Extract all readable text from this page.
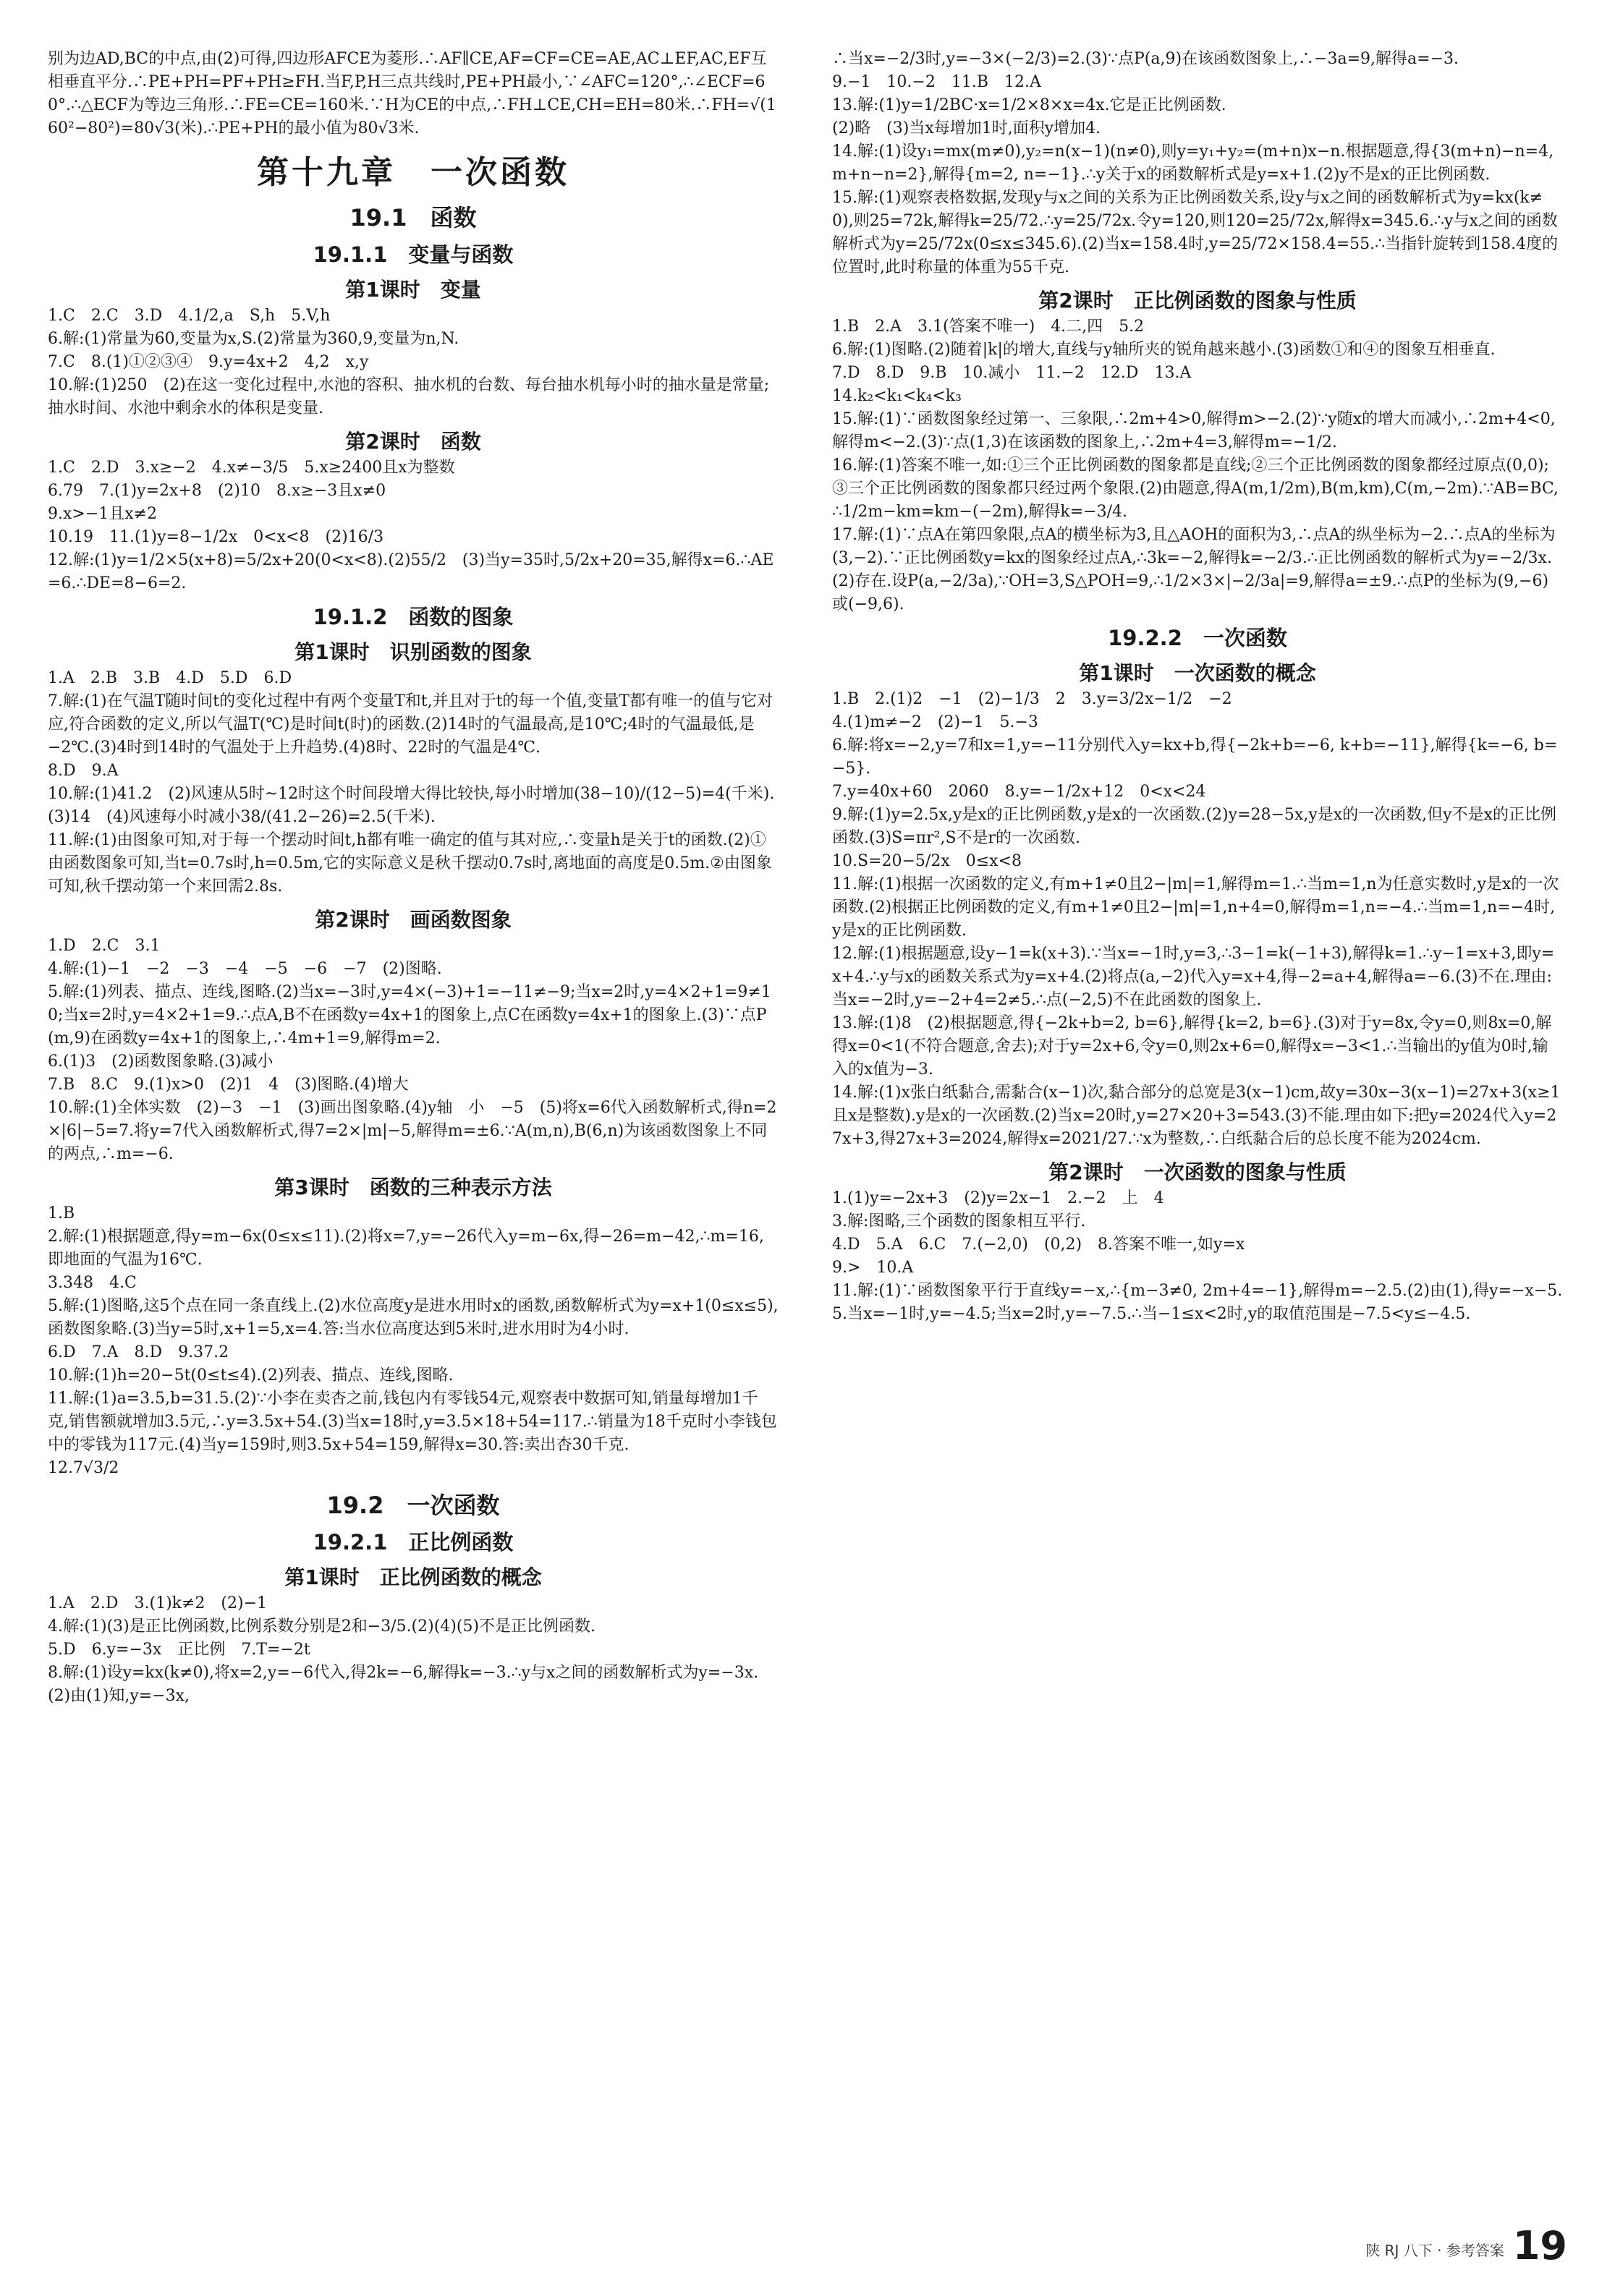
别为边AD,BC的中点,由(2)可得,四边形AFCE为菱形.∴AF∥CE,AF=CF=CE=AE,AC⊥EF,AC,EF互相垂直平分.∴PE+PH=PF+PH≥FH.当F,P,H三点共线时,PE+PH最小,∵∠AFC=120°,∴∠ECF=60°.∴△ECF为等边三角形.∴FE=CE=160米.∵H为CE的中点,∴FH⊥CE,CH=EH=80米.∴FH=√(160²−80²)=80√3(米).∴PE+PH的最小值为80√3米.
第十九章　一次函数
19.1　函数
19.1.1　变量与函数
第1课时　变量
1.C　2.C　3.D　4.1/2,a　S,h　5.V,h
6.解:(1)常量为60,变量为x,S.(2)常量为360,9,变量为n,N.
7.C　8.(1)①②③④　9.y=4x+2　4,2　x,y
10.解:(1)250　(2)在这一变化过程中,水池的容积、抽水机的台数、每台抽水机每小时的抽水量是常量;抽水时间、水池中剩余水的体积是变量.
第2课时　函数
1.C　2.D　3.x≥−2　4.x≠−3/5　5.x≥2400且x为整数
6.79　7.(1)y=2x+8　(2)10　8.x≥−3且x≠0
9.x>−1且x≠2
10.19　11.(1)y=8−1/2x　0<x<8　(2)16/3
12.解:(1)y=1/2×5(x+8)=5/2x+20(0<x<8).(2)55/2　(3)当y=35时,5/2x+20=35,解得x=6.∴AE=6.∴DE=8−6=2.
19.1.2　函数的图象
第1课时　识别函数的图象
1.A　2.B　3.B　4.D　5.D　6.D
7.解:(1)在气温T随时间t的变化过程中有两个变量T和t,并且对于t的每一个值,变量T都有唯一的值与它对应,符合函数的定义,所以气温T(℃)是时间t(时)的函数.(2)14时的气温最高,是10℃;4时的气温最低,是−2℃.(3)4时到14时的气温处于上升趋势.(4)8时、22时的气温是4℃.
8.D　9.A
10.解:(1)41.2　(2)风速从5时~12时这个时间段增大得比较快,每小时增加(38−10)/(12−5)=4(千米).(3)14　(4)风速每小时减小38/(41.2−26)=2.5(千米).
11.解:(1)由图象可知,对于每一个摆动时间t,h都有唯一确定的值与其对应,∴变量h是关于t的函数.(2)①由函数图象可知,当t=0.7s时,h=0.5m,它的实际意义是秋千摆动0.7s时,离地面的高度是0.5m.②由图象可知,秋千摆动第一个来回需2.8s.
第2课时　画函数图象
1.D　2.C　3.1
4.解:(1)−1　−2　−3　−4　−5　−6　−7　(2)图略.
5.解:(1)列表、描点、连线,图略.(2)当x=−3时,y=4×(−3)+1=−11≠−9;当x=2时,y=4×2+1=9≠10;当x=2时,y=4×2+1=9.∴点A,B不在函数y=4x+1的图象上,点C在函数y=4x+1的图象上.(3)∵点P(m,9)在函数y=4x+1的图象上,∴4m+1=9,解得m=2.
6.(1)3　(2)函数图象略.(3)减小
7.B　8.C　9.(1)x>0　(2)1　4　(3)图略.(4)增大
10.解:(1)全体实数　(2)−3　−1　(3)画出图象略.(4)y轴　小　−5　(5)将x=6代入函数解析式,得n=2×|6|−5=7.将y=7代入函数解析式,得7=2×|m|−5,解得m=±6.∵A(m,n),B(6,n)为该函数图象上不同的两点,∴m=−6.
第3课时　函数的三种表示方法
1.B
2.解:(1)根据题意,得y=m−6x(0≤x≤11).(2)将x=7,y=−26代入y=m−6x,得−26=m−42,∴m=16,即地面的气温为16℃.
3.348　4.C
5.解:(1)图略,这5个点在同一条直线上.(2)水位高度y是进水用时x的函数,函数解析式为y=x+1(0≤x≤5),函数图象略.(3)当y=5时,x+1=5,x=4.答:当水位高度达到5米时,进水用时为4小时.
6.D　7.A　8.D　9.37.2
10.解:(1)h=20−5t(0≤t≤4).(2)列表、描点、连线,图略.
11.解:(1)a=3.5,b=31.5.(2)∵小李在卖杏之前,钱包内有零钱54元,观察表中数据可知,销量每增加1千克,销售额就增加3.5元,∴y=3.5x+54.(3)当x=18时,y=3.5×18+54=117.∴销量为18千克时小李钱包中的零钱为117元.(4)当y=159时,则3.5x+54=159,解得x=30.答:卖出杏30千克.
12.7√3/2
19.2　一次函数
19.2.1　正比例函数
第1课时　正比例函数的概念
1.A　2.D　3.(1)k≠2　(2)−1
4.解:(1)(3)是正比例函数,比例系数分别是2和−3/5.(2)(4)(5)不是正比例函数.
5.D　6.y=−3x　正比例　7.T=−2t
8.解:(1)设y=kx(k≠0),将x=2,y=−6代入,得2k=−6,解得k=−3.∴y与x之间的函数解析式为y=−3x.(2)由(1)知,y=−3x,
∴当x=−2/3时,y=−3×(−2/3)=2.(3)∵点P(a,9)在该函数图象上,∴−3a=9,解得a=−3.
9.−1　10.−2　11.B　12.A
13.解:(1)y=1/2BC·x=1/2×8×x=4x.它是正比例函数.
(2)略　(3)当x每增加1时,面积y增加4.
14.解:(1)设y₁=mx(m≠0),y₂=n(x−1)(n≠0),则y=y₁+y₂=(m+n)x−n.根据题意,得{3(m+n)−n=4, m+n−n=2},解得{m=2, n=−1}.∴y关于x的函数解析式是y=x+1.(2)y不是x的正比例函数.
15.解:(1)观察表格数据,发现y与x之间的关系为正比例函数关系,设y与x之间的函数解析式为y=kx(k≠0),则25=72k,解得k=25/72.∴y=25/72x.令y=120,则120=25/72x,解得x=345.6.∴y与x之间的函数解析式为y=25/72x(0≤x≤345.6).(2)当x=158.4时,y=25/72×158.4=55.∴当指针旋转到158.4度的位置时,此时称量的体重为55千克.
第2课时　正比例函数的图象与性质
1.B　2.A　3.1(答案不唯一)　4.二,四　5.2
6.解:(1)图略.(2)随着|k|的增大,直线与y轴所夹的锐角越来越小.(3)函数①和④的图象互相垂直.
7.D　8.D　9.B　10.减小　11.−2　12.D　13.A
14.k₂<k₁<k₄<k₃
15.解:(1)∵函数图象经过第一、三象限,∴2m+4>0,解得m>−2.(2)∵y随x的增大而减小,∴2m+4<0,解得m<−2.(3)∵点(1,3)在该函数的图象上,∴2m+4=3,解得m=−1/2.
16.解:(1)答案不唯一,如:①三个正比例函数的图象都是直线;②三个正比例函数的图象都经过原点(0,0);③三个正比例函数的图象都只经过两个象限.(2)由题意,得A(m,1/2m),B(m,km),C(m,−2m).∵AB=BC,∴1/2m−km=km−(−2m),解得k=−3/4.
17.解:(1)∵点A在第四象限,点A的横坐标为3,且△AOH的面积为3,∴点A的纵坐标为−2.∴点A的坐标为(3,−2).∵正比例函数y=kx的图象经过点A,∴3k=−2,解得k=−2/3.∴正比例函数的解析式为y=−2/3x.(2)存在.设P(a,−2/3a),∵OH=3,S△POH=9,∴1/2×3×|−2/3a|=9,解得a=±9.∴点P的坐标为(9,−6)或(−9,6).
19.2.2　一次函数
第1课时　一次函数的概念
1.B　2.(1)2　−1　(2)−1/3　2　3.y=3/2x−1/2　−2
4.(1)m≠−2　(2)−1　5.−3
6.解:将x=−2,y=7和x=1,y=−11分别代入y=kx+b,得{−2k+b=−6, k+b=−11},解得{k=−6, b=−5}.
7.y=40x+60　2060　8.y=−1/2x+12　0<x<24
9.解:(1)y=2.5x,y是x的正比例函数,y是x的一次函数.(2)y=28−5x,y是x的一次函数,但y不是x的正比例函数.(3)S=πr²,S不是r的一次函数.
10.S=20−5/2x　0≤x<8
11.解:(1)根据一次函数的定义,有m+1≠0且2−|m|=1,解得m=1.∴当m=1,n为任意实数时,y是x的一次函数.(2)根据正比例函数的定义,有m+1≠0且2−|m|=1,n+4=0,解得m=1,n=−4.∴当m=1,n=−4时,y是x的正比例函数.
12.解:(1)根据题意,设y−1=k(x+3).∵当x=−1时,y=3,∴3−1=k(−1+3),解得k=1.∴y−1=x+3,即y=x+4.∴y与x的函数关系式为y=x+4.(2)将点(a,−2)代入y=x+4,得−2=a+4,解得a=−6.(3)不在.理由:当x=−2时,y=−2+4=2≠5.∴点(−2,5)不在此函数的图象上.
13.解:(1)8　(2)根据题意,得{−2k+b=2, b=6},解得{k=2, b=6}.(3)对于y=8x,令y=0,则8x=0,解得x=0<1(不符合题意,舍去);对于y=2x+6,令y=0,则2x+6=0,解得x=−3<1.∴当输出的y值为0时,输入的x值为−3.
14.解:(1)x张白纸黏合,需黏合(x−1)次,黏合部分的总宽是3(x−1)cm,故y=30x−3(x−1)=27x+3(x≥1且x是整数).y是x的一次函数.(2)当x=20时,y=27×20+3=543.(3)不能.理由如下:把y=2024代入y=27x+3,得27x+3=2024,解得x=2021/27.∵x为整数,∴白纸黏合后的总长度不能为2024cm.
第2课时　一次函数的图象与性质
1.(1)y=−2x+3　(2)y=2x−1　2.−2　上　4
3.解:图略,三个函数的图象相互平行.
4.D　5.A　6.C　7.(−2,0)　(0,2)　8.答案不唯一,如y=x
9.>　10.A
11.解:(1)∵函数图象平行于直线y=−x,∴{m−3≠0, 2m+4=−1},解得m=−2.5.(2)由(1),得y=−x−5.5.当x=−1时,y=−4.5;当x=2时,y=−7.5.∴当−1≤x<2时,y的取值范围是−7.5<y≤−4.5.
陕 RJ 八下 · 参考答案 19
